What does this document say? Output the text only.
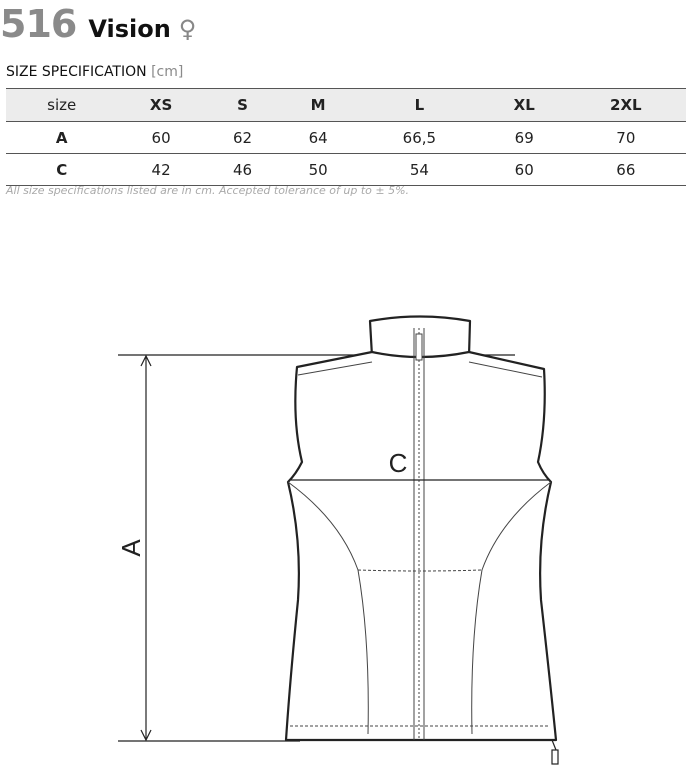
516 Vision ♀
SIZE SPECIFICATION [cm]
size	XS	S	M	L	XL	2XL
A	60	62	64	66,5	69	70
C	42	46	50	54	60	66
All size specifications listed are in cm. Accepted tolerance of up to ± 5%.
A
C
